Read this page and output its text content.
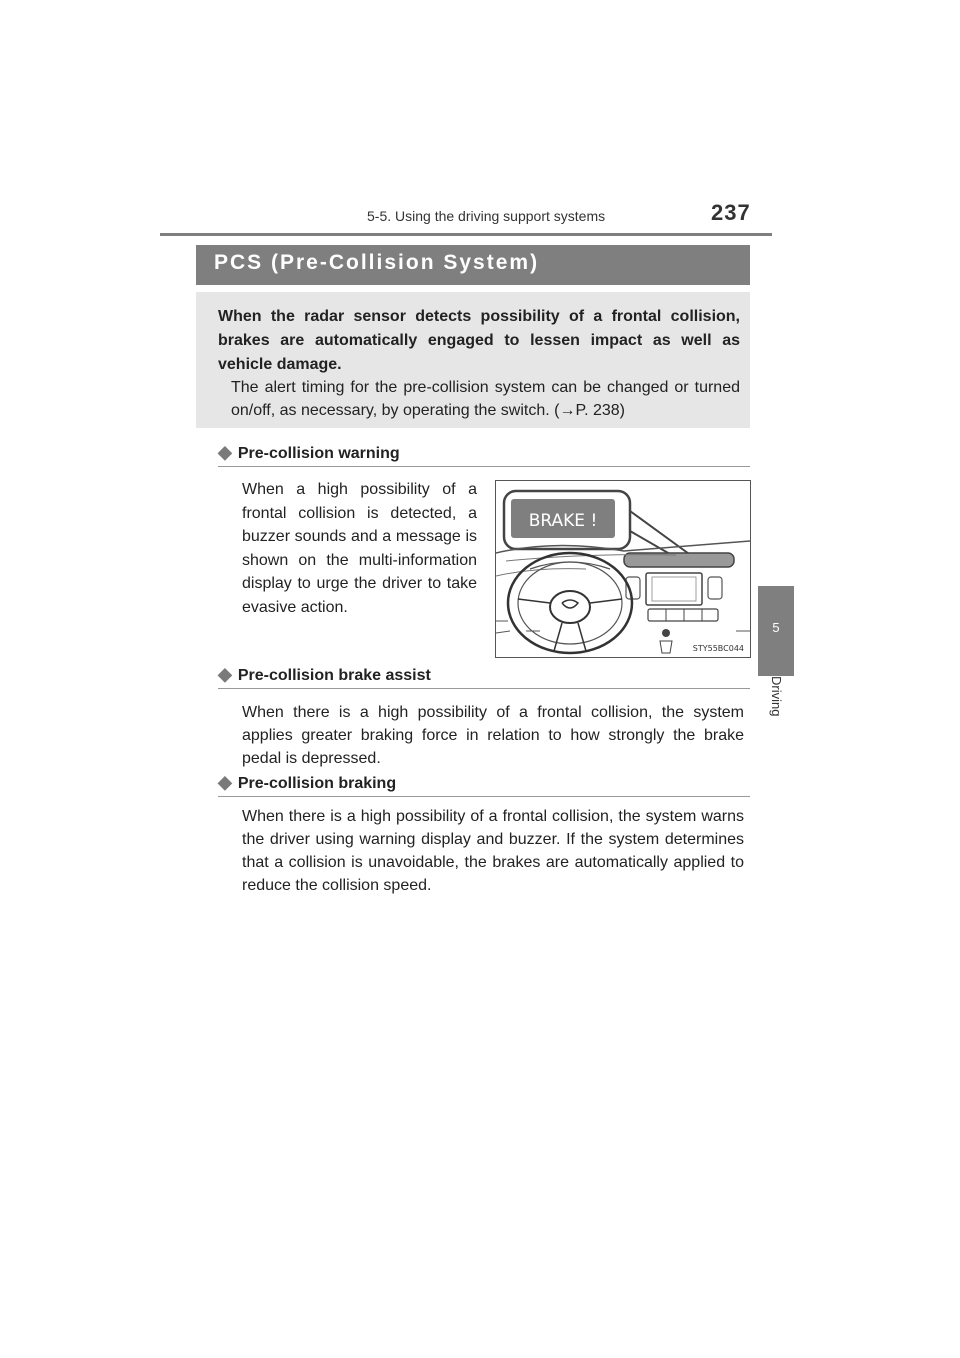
5-5. Using the driving support systems	237
5
Driving
PCS (Pre-Collision System)
When the radar sensor detects possibility of a frontal collision, brakes are automatically engaged to lessen impact as well as vehicle damage.
The alert timing for the pre-collision system can be changed or turned on/off, as necessary, by operating the switch. (→P. 238)
◆ Pre-collision warning
When a high possibility of a frontal collision is detected, a buzzer sounds and a message is shown on the multi-information display to urge the driver to take evasive action.
BRAKE !
STY55BC044
◆ Pre-collision brake assist
When there is a high possibility of a frontal collision, the system applies greater braking force in relation to how strongly the brake pedal is depressed.
◆ Pre-collision braking
When there is a high possibility of a frontal collision, the system warns the driver using warning display and buzzer. If the system determines that a collision is unavoidable, the brakes are automatically applied to reduce the collision speed.
